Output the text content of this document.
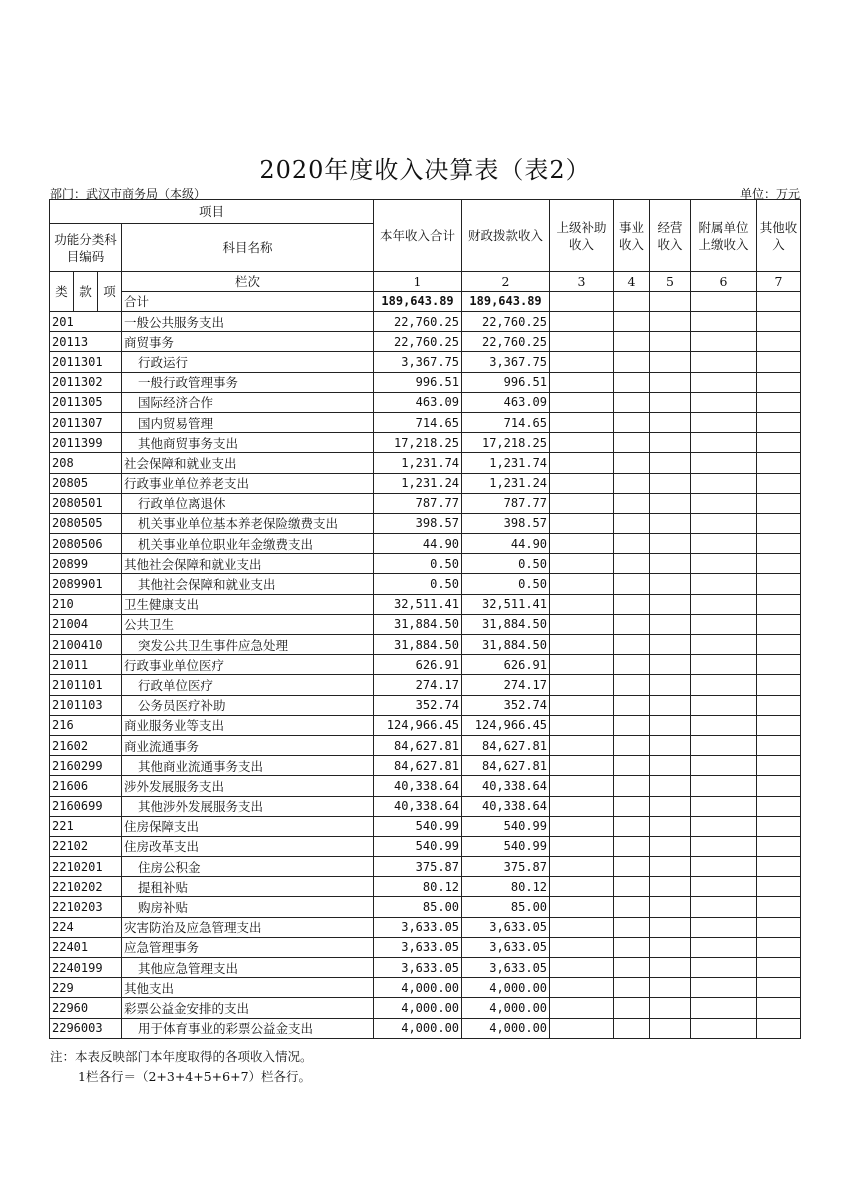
2020年度收入决算表（表2）
部门：武汉市商务局（本级）	单位：万元
项目				本年收入合计	财政拨款收入	上级补助收入	事业收入	经营收入	附属单位上缴收入	其他收入
功能分类科目编码			科目名称							

类	款	项	栏次	1	2	3	4	5	6	7
			合计	189,643.89	189,643.89					
201			一般公共服务支出	22,760.25	22,760.25					
20113			商贸事务	22,760.25	22,760.25					
2011301			行政运行	3,367.75	3,367.75					
2011302			一般行政管理事务	996.51	996.51					
2011305			国际经济合作	463.09	463.09					
2011307			国内贸易管理	714.65	714.65					
2011399			其他商贸事务支出	17,218.25	17,218.25					
208			社会保障和就业支出	1,231.74	1,231.74					
20805			行政事业单位养老支出	1,231.24	1,231.24					
2080501			行政单位离退休	787.77	787.77					
2080505			机关事业单位基本养老保险缴费支出	398.57	398.57					
2080506			机关事业单位职业年金缴费支出	44.90	44.90					
20899			其他社会保障和就业支出	0.50	0.50					
2089901			其他社会保障和就业支出	0.50	0.50					
210			卫生健康支出	32,511.41	32,511.41					
21004			公共卫生	31,884.50	31,884.50					
2100410			突发公共卫生事件应急处理	31,884.50	31,884.50					
21011			行政事业单位医疗	626.91	626.91					
2101101			行政单位医疗	274.17	274.17					
2101103			公务员医疗补助	352.74	352.74					
216			商业服务业等支出	124,966.45	124,966.45					
21602			商业流通事务	84,627.81	84,627.81					
2160299			其他商业流通事务支出	84,627.81	84,627.81					
21606			涉外发展服务支出	40,338.64	40,338.64					
2160699			其他涉外发展服务支出	40,338.64	40,338.64					
221			住房保障支出	540.99	540.99					
22102			住房改革支出	540.99	540.99					
2210201			住房公积金	375.87	375.87					
2210202			提租补贴	80.12	80.12					
2210203			购房补贴	85.00	85.00					
224			灾害防治及应急管理支出	3,633.05	3,633.05					
22401			应急管理事务	3,633.05	3,633.05					
2240199			其他应急管理支出	3,633.05	3,633.05					
229			其他支出	4,000.00	4,000.00					
22960			彩票公益金安排的支出	4,000.00	4,000.00					
2296003			用于体育事业的彩票公益金支出	4,000.00	4,000.00					
注：本表反映部门本年度取得的各项收入情况。
1栏各行＝（2+3+4+5+6+7）栏各行。
